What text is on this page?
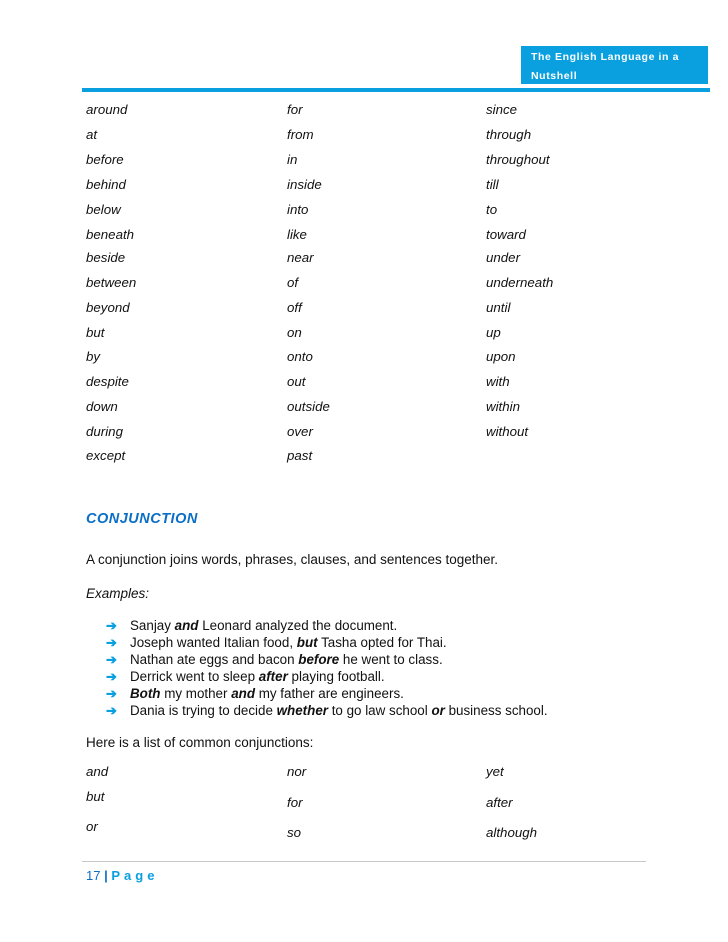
The English Language in a
Nutshell
around	for	since
at	from	through
before	in	throughout
behind	inside	till
below	into	to
beneath	like	toward
beside	near	under
between	of	underneath
beyond	off	until
but	on	up
by	onto	upon
despite	out	with
down	outside	within
during	over	without
except	past
CONJUNCTION
A conjunction joins words, phrases, clauses, and sentences together.
Examples:
➔ Sanjay and Leonard analyzed the document.
➔ Joseph wanted Italian food, but Tasha opted for Thai.
➔ Nathan ate eggs and bacon before he went to class.
➔ Derrick went to sleep after playing football.
➔ Both my mother and my father are engineers.
➔ Dania is trying to decide whether to go law school or business school.
Here is a list of common conjunctions:
and	nor	yet
but	for	after
or	so	although
17 | Page
